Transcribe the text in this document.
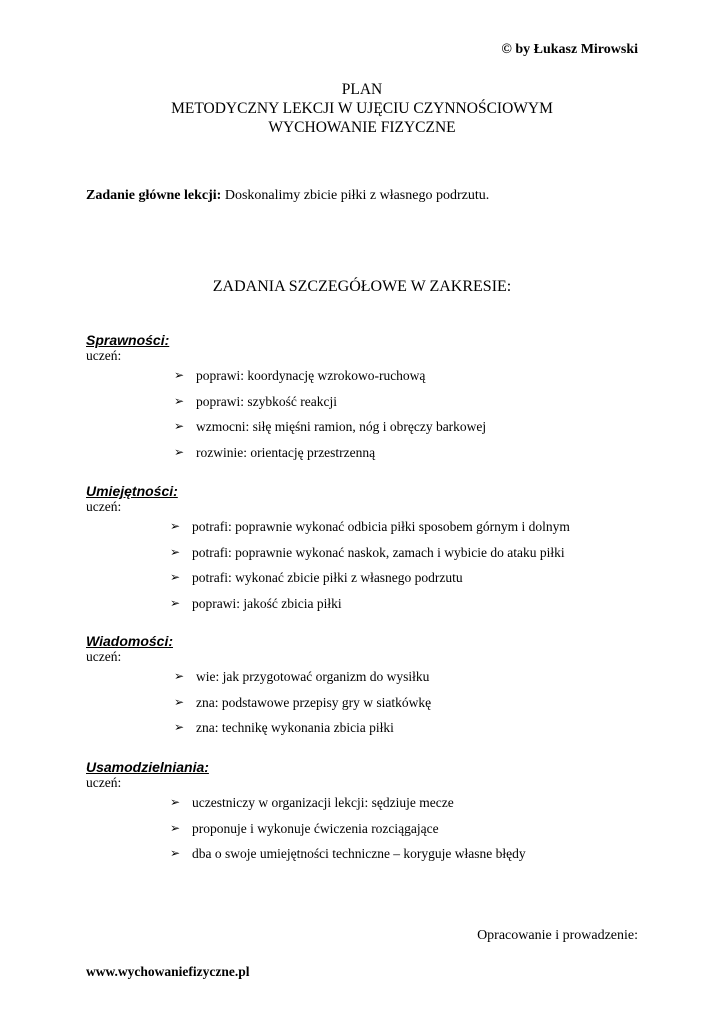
© by Łukasz Mirowski
PLAN
METODYCZNY LEKCJI W UJĘCIU CZYNNOŚCIOWYM
WYCHOWANIE FIZYCZNE
Zadanie główne lekcji: Doskonalimy zbicie piłki z własnego podrzutu.
ZADANIA SZCZEGÓŁOWE W ZAKRESIE:
Sprawności:
uczeń:
➢ poprawi: koordynację wzrokowo-ruchową
➢ poprawi: szybkość reakcji
➢ wzmocni: siłę mięśni ramion, nóg i obręczy barkowej
➢ rozwinie: orientację przestrzenną
Umiejętności:
uczeń:
➢ potrafi: poprawnie wykonać odbicia piłki sposobem górnym i dolnym
➢ potrafi: poprawnie wykonać naskok, zamach i wybicie do ataku piłki
➢ potrafi: wykonać zbicie piłki z własnego podrzutu
➢ poprawi: jakość zbicia piłki
Wiadomości:
uczeń:
➢ wie: jak przygotować organizm do wysiłku
➢ zna: podstawowe przepisy gry w siatkówkę
➢ zna: technikę wykonania zbicia piłki
Usamodzielniania:
uczeń:
➢ uczestniczy w organizacji lekcji: sędziuje mecze
➢ proponuje i wykonuje ćwiczenia rozciągające
➢ dba o swoje umiejętności techniczne – koryguje własne błędy
Opracowanie i prowadzenie:
www.wychowaniefizyczne.pl
